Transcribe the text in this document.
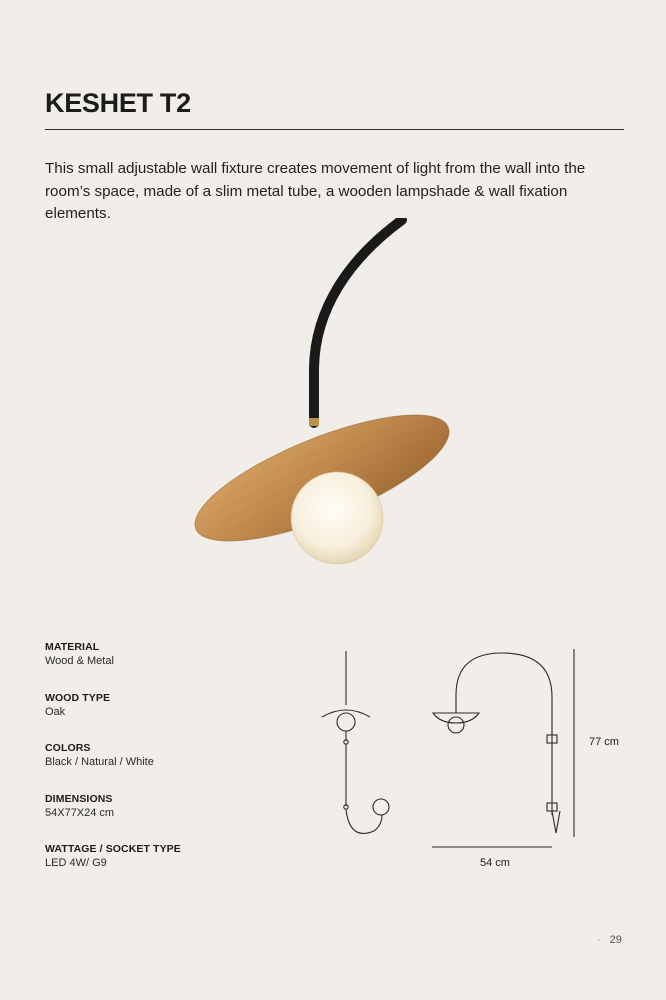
KESHET T2

This small adjustable wall fixture creates movement of light from the wall into the room’s space, made of a slim metal tube, a wooden lampshade & wall fixation elements.

MATERIAL
Wood & Metal
WOOD TYPE
Oak
COLORS
Black / Natural / White
DIMENSIONS
54X77X24 cm
WATTAGE / SOCKET TYPE
LED 4W/ G9	54 cm
77 cm
· 29
